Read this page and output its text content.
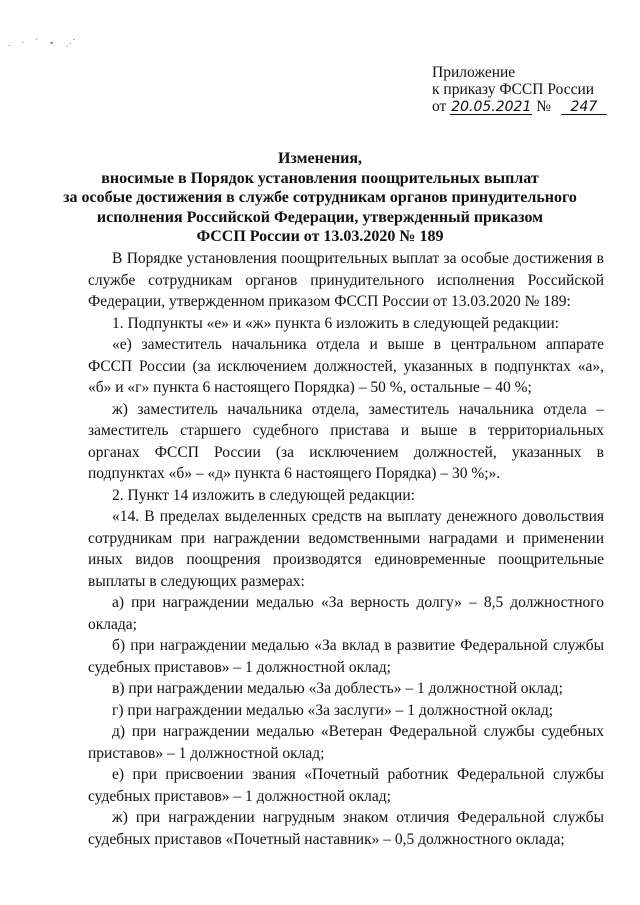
. · ` ⋆ ⋰
Приложение
к приказу ФССП России
от 20.05.2021 № 247
Изменения,
вносимые в Порядок установления поощрительных выплат
за особые достижения в службе сотрудникам органов принудительного
исполнения Российской Федерации, утвержденный приказом
ФССП России от 13.03.2020 № 189

В Порядке установления поощрительных выплат за особые достижения в службе сотрудникам органов принудительного исполнения Российской Федерации, утвержденном приказом ФССП России от 13.03.2020 № 189:

1. Подпункты «е» и «ж» пункта 6 изложить в следующей редакции:

«е) заместитель начальника отдела и выше в центральном аппарате ФССП России (за исключением должностей, указанных в подпунктах «а», «б» и «г» пункта 6 настоящего Порядка) – 50 %, остальные – 40 %;

ж) заместитель начальника отдела, заместитель начальника отдела – заместитель старшего судебного пристава и выше в территориальных органах ФССП России (за исключением должностей, указанных в подпунктах «б» – «д» пункта 6 настоящего Порядка) – 30 %;».

2. Пункт 14 изложить в следующей редакции:

«14. В пределах выделенных средств на выплату денежного довольствия сотрудникам при награждении ведомственными наградами и применении иных видов поощрения производятся единовременные поощрительные выплаты в следующих размерах:

а) при награждении медалью «За верность долгу» – 8,5 должностного оклада;

б) при награждении медалью «За вклад в развитие Федеральной службы судебных приставов» – 1 должностной оклад;

в) при награждении медалью «За доблесть» – 1 должностной оклад;

г) при награждении медалью «За заслуги» – 1 должностной оклад;

д) при награждении медалью «Ветеран Федеральной службы судебных приставов» – 1 должностной оклад;

е) при присвоении звания «Почетный работник Федеральной службы судебных приставов» – 1 должностной оклад;

ж) при награждении нагрудным знаком отличия Федеральной службы судебных приставов «Почетный наставник» – 0,5 должностного оклада;
